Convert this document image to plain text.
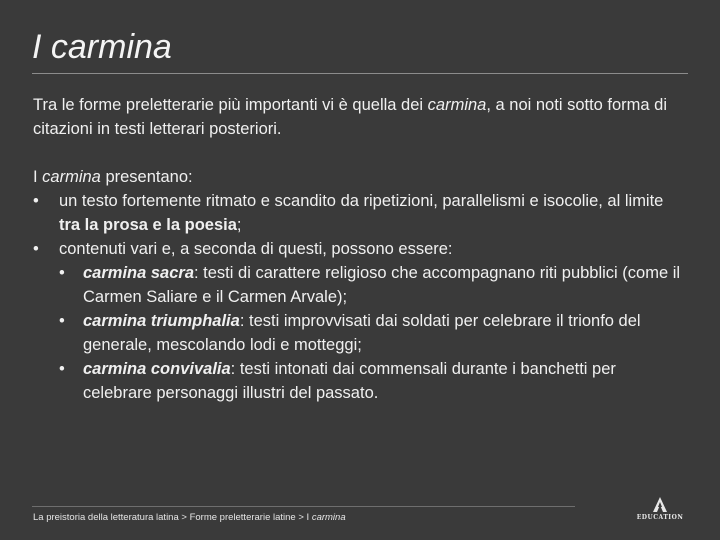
I carmina

Tra le forme preletterarie più importanti vi è quella dei carmina, a noi noti sotto forma di citazioni in testi letterari posteriori.

I carmina presentano:

• un testo fortemente ritmato e scandito da ripetizioni, parallelismi e isocolie, al limite tra la prosa e la poesia;
• contenuti vari e, a seconda di questi, possono essere:
• carmina sacra: testi di carattere religioso che accompagnano riti pubblici (come il Carmen Saliare e il Carmen Arvale);
• carmina triumphalia: testi improvvisati dai soldati per celebrare il trionfo del generale, mescolando lodi e motteggi;
• carmina convivalia: testi intonati dai commensali durante i banchetti per celebrare personaggi illustri del passato.
La preistoria della letteratura latina > Forme preletterarie latine > I carmina	EDUCATION
